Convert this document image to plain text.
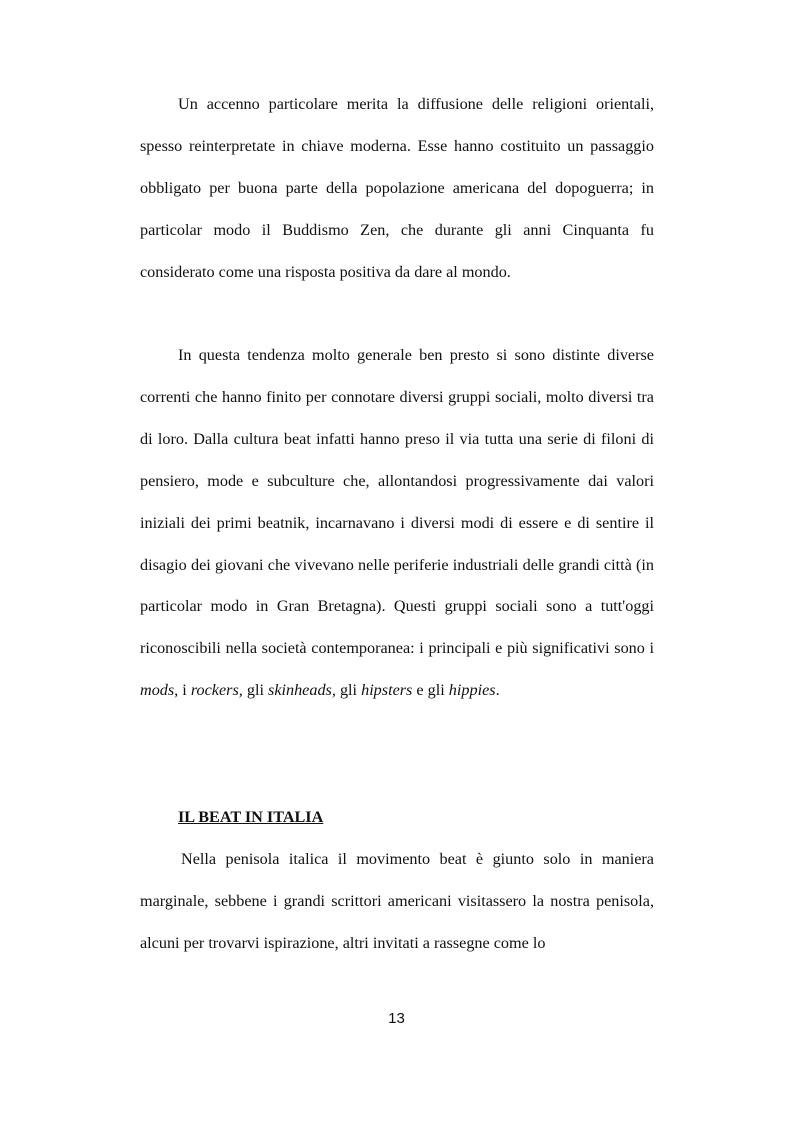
Un accenno particolare merita la diffusione delle religioni orientali, spesso reinterpretate in chiave moderna. Esse hanno costituito un passaggio obbligato per buona parte della popolazione americana del dopoguerra; in particolar modo il Buddismo Zen, che durante gli anni Cinquanta fu considerato come una risposta positiva da dare al mondo.

In questa tendenza molto generale ben presto si sono distinte diverse correnti che hanno finito per connotare diversi gruppi sociali, molto diversi tra di loro. Dalla cultura beat infatti hanno preso il via tutta una serie di filoni di pensiero, mode e subculture che, allontandosi progressivamente dai valori iniziali dei primi beatnik, incarnavano i diversi modi di essere e di sentire il disagio dei giovani che vivevano nelle periferie industriali delle grandi città (in particolar modo in Gran Bretagna). Questi gruppi sociali sono a tutt'oggi riconoscibili nella società contemporanea: i principali e più significativi sono i mods, i rockers, gli skinheads, gli hipsters e gli hippies.

IL BEAT IN ITALIA

Nella penisola italica il movimento beat è giunto solo in maniera marginale, sebbene i grandi scrittori americani visitassero la nostra penisola, alcuni per trovarvi ispirazione, altri invitati a rassegne come lo

13
